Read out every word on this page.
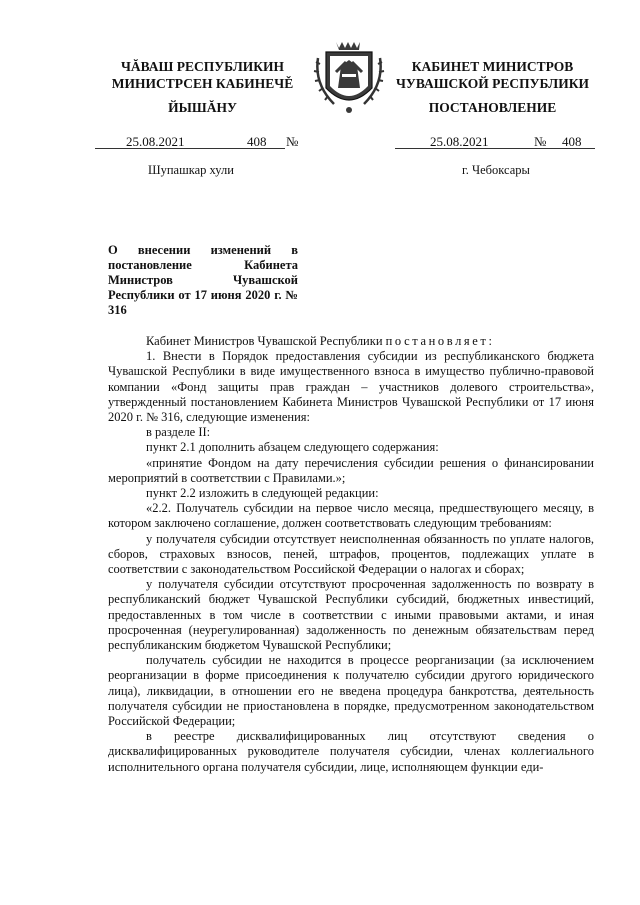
ЧĂВАШ РЕСПУБЛИКИН
МИНИСТРСЕН КАБИНЕЧĚ
ЙЫШĂНУ
КАБИНЕТ МИНИСТРОВ
ЧУВАШСКОЙ РЕСПУБЛИКИ
ПОСТАНОВЛЕНИЕ
25.08.2021	408 №	25.08.2021	№ 408
Шупашкар хули	г. Чебоксары
О внесении изменений в постановление Кабинета Министров Чувашской Республики от 17 июня 2020 г. № 316

Кабинет Министров Чувашской Республики постановляет:

1. Внести в Порядок предоставления субсидии из республиканского бюджета Чувашской Республики в виде имущественного взноса в имущество публично-правовой компании «Фонд защиты прав граждан – участников долевого строительства», утвержденный постановлением Кабинета Министров Чувашской Республики от 17 июня 2020 г. № 316, следующие изменения:

в разделе II:

пункт 2.1 дополнить абзацем следующего содержания:

«принятие Фондом на дату перечисления субсидии решения о финансировании мероприятий в соответствии с Правилами.»;

пункт 2.2 изложить в следующей редакции:

«2.2. Получатель субсидии на первое число месяца, предшествующего месяцу, в котором заключено соглашение, должен соответствовать следующим требованиям:

у получателя субсидии отсутствует неисполненная обязанность по уплате налогов, сборов, страховых взносов, пеней, штрафов, процентов, подлежащих уплате в соответствии с законодательством Российской Федерации о налогах и сборах;

у получателя субсидии отсутствуют просроченная задолженность по возврату в республиканский бюджет Чувашской Республики субсидий, бюджетных инвестиций, предоставленных в том числе в соответствии с иными правовыми актами, и иная просроченная (неурегулированная) задолженность по денежным обязательствам перед республиканским бюджетом Чувашской Республики;

получатель субсидии не находится в процессе реорганизации (за исключением реорганизации в форме присоединения к получателю субсидии другого юридического лица), ликвидации, в отношении его не введена процедура банкротства, деятельность получателя субсидии не приостановлена в порядке, предусмотренном законодательством Российской Федерации;

в реестре дисквалифицированных лиц отсутствуют сведения о дисквалифицированных руководителе получателя субсидии, членах коллегиального исполнительного органа получателя субсидии, лице, исполняющем функции еди-
